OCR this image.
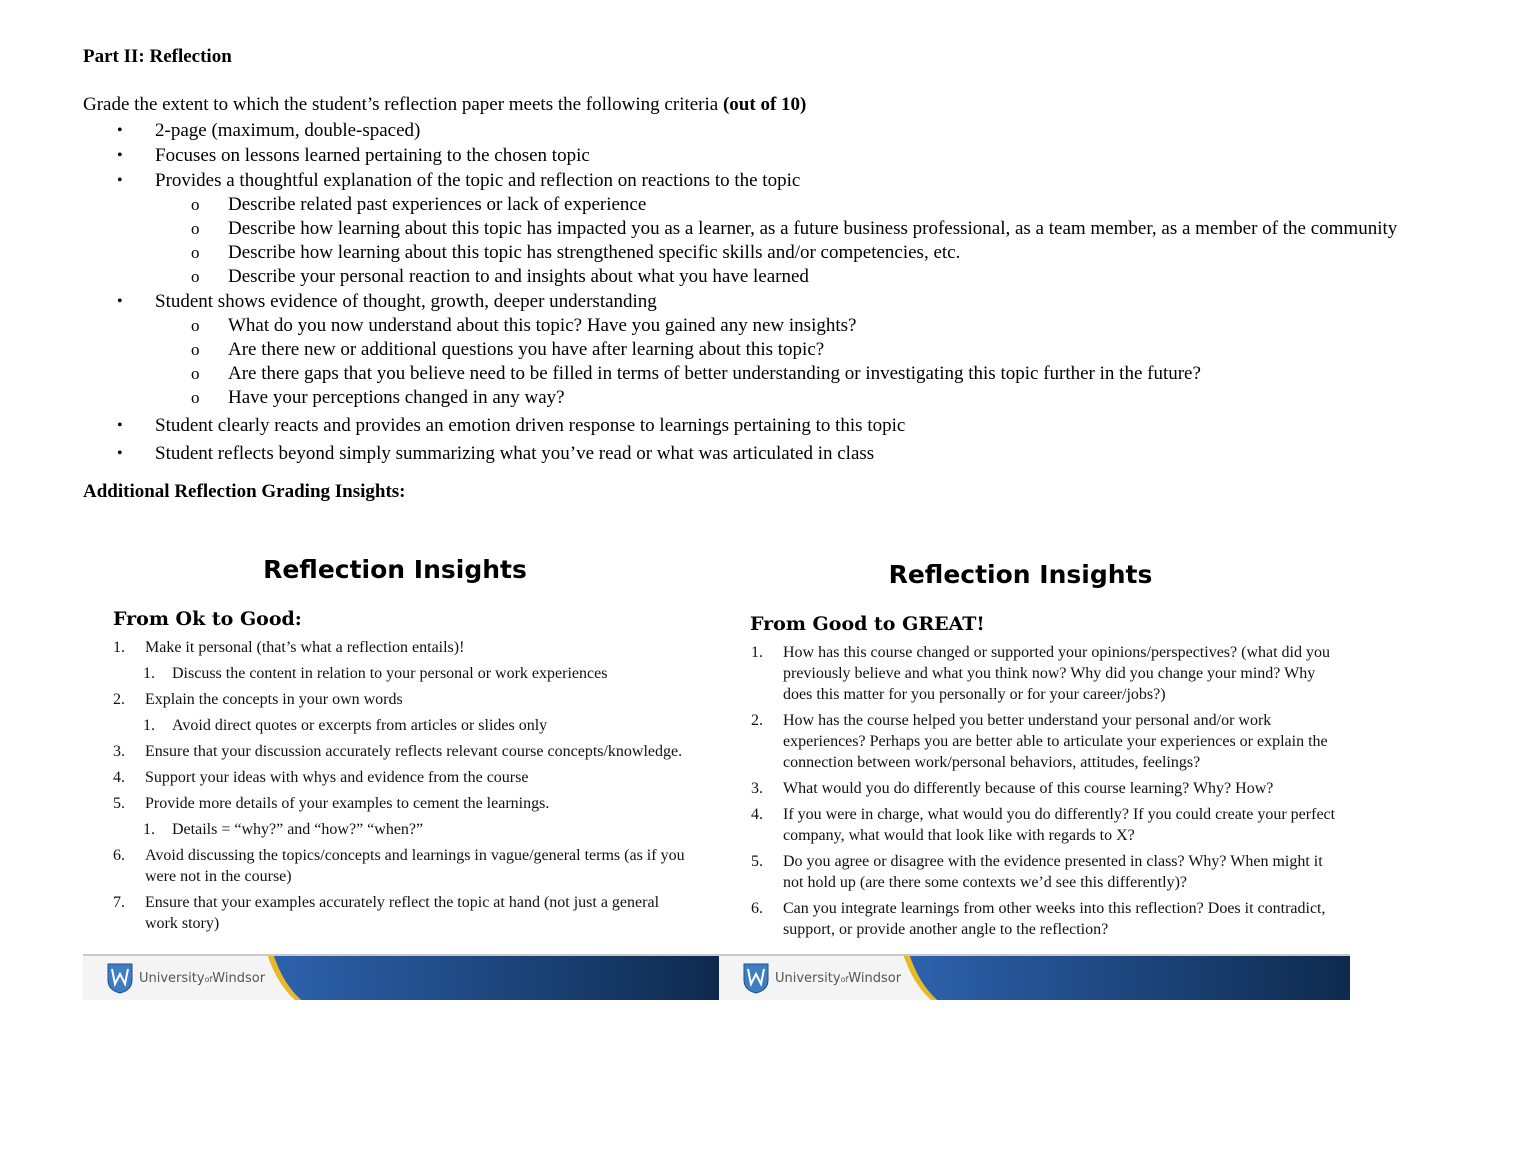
Part II: Reflection

Grade the extent to which the student’s reflection paper meets the following criteria (out of 10)

• 2-page (maximum, double-spaced)
• Focuses on lessons learned pertaining to the chosen topic
• Provides a thoughtful explanation of the topic and reflection on reactions to the topic
o Describe related past experiences or lack of experience
o Describe how learning about this topic has impacted you as a learner, as a future business professional, as a team member, as a member of the community
o Describe how learning about this topic has strengthened specific skills and/or competencies, etc.
o Describe your personal reaction to and insights about what you have learned
• Student shows evidence of thought, growth, deeper understanding
o What do you now understand about this topic? Have you gained any new insights?
o Are there new or additional questions you have after learning about this topic?
o Are there gaps that you believe need to be filled in terms of better understanding or investigating this topic further in the future?
o Have your perceptions changed in any way?
• Student clearly reacts and provides an emotion driven response to learnings pertaining to this topic
• Student reflects beyond simply summarizing what you’ve read or what was articulated in class
Additional Reflection Grading Insights:
Reflection Insights
From Ok to Good:
1. Make it personal (that’s what a reflection entails)!
1. Discuss the content in relation to your personal or work experiences
2. Explain the concepts in your own words
1. Avoid direct quotes or excerpts from articles or slides only
3. Ensure that your discussion accurately reflects relevant course concepts/knowledge.
4. Support your ideas with whys and evidence from the course
5. Provide more details of your examples to cement the learnings.
1. Details = “why?” and “how?” “when?”
6. Avoid discussing the topics/concepts and learnings in vague/general terms (as if you were not in the course)
7. Ensure that your examples accurately reflect the topic at hand (not just a general work story)
UniversityofWindsor
Reflection Insights
From Good to GREAT!
1. How has this course changed or supported your opinions/perspectives? (what did you previously believe and what you think now? Why did you change your mind? Why does this matter for you personally or for your career/jobs?)
2. How has the course helped you better understand your personal and/or work experiences? Perhaps you are better able to articulate your experiences or explain the connection between work/personal behaviors, attitudes, feelings?
3. What would you do differently because of this course learning? Why? How?
4. If you were in charge, what would you do differently? If you could create your perfect company, what would that look like with regards to X?
5. Do you agree or disagree with the evidence presented in class? Why? When might it not hold up (are there some contexts we’d see this differently)?
6. Can you integrate learnings from other weeks into this reflection? Does it contradict, support, or provide another angle to the reflection?
UniversityofWindsor
